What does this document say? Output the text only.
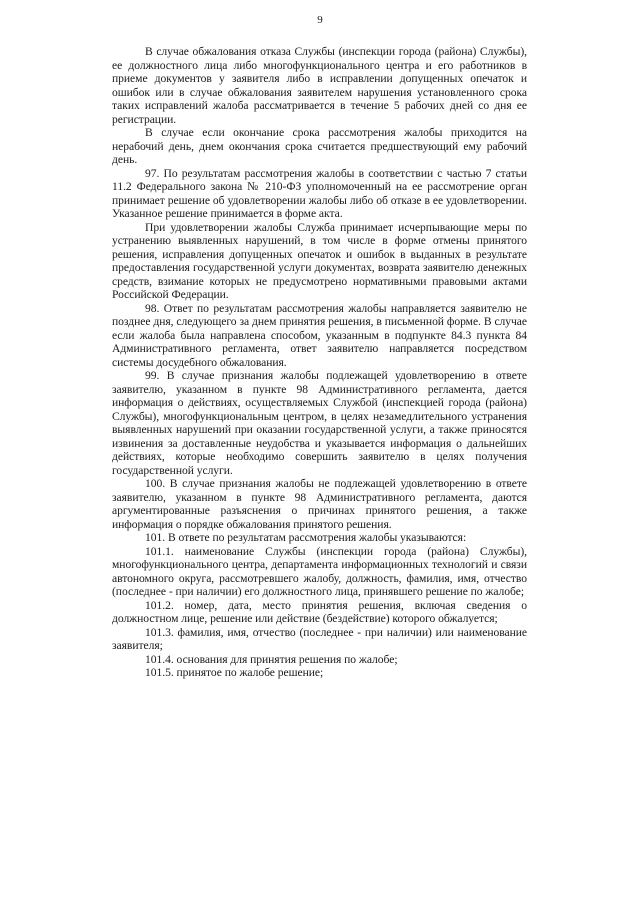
9

В случае обжалования отказа Службы (инспекции города (района) Службы), ее должностного лица либо многофункционального центра и его работников в приеме документов у заявителя либо в исправлении допущенных опечаток и ошибок или в случае обжалования заявителем нарушения установленного срока таких исправлений жалоба рассматривается в течение 5 рабочих дней со дня ее регистрации.

В случае если окончание срока рассмотрения жалобы приходится на нерабочий день, днем окончания срока считается предшествующий ему рабочий день.

97. По результатам рассмотрения жалобы в соответствии с частью 7 статьи 11.2 Федерального закона № 210-ФЗ уполномоченный на ее рассмотрение орган принимает решение об удовлетворении жалобы либо об отказе в ее удовлетворении. Указанное решение принимается в форме акта.

При удовлетворении жалобы Служба принимает исчерпывающие меры по устранению выявленных нарушений, в том числе в форме отмены принятого решения, исправления допущенных опечаток и ошибок в выданных в результате предоставления государственной услуги документах, возврата заявителю денежных средств, взимание которых не предусмотрено нормативными правовыми актами Российской Федерации.

98. Ответ по результатам рассмотрения жалобы направляется заявителю не позднее дня, следующего за днем принятия решения, в письменной форме. В случае если жалоба была направлена способом, указанным в подпункте 84.3 пункта 84 Административного регламента, ответ заявителю направляется посредством системы досудебного обжалования.

99. В случае признания жалобы подлежащей удовлетворению в ответе заявителю, указанном в пункте 98 Административного регламента, дается информация о действиях, осуществляемых Службой (инспекцией города (района) Службы), многофункциональным центром, в целях незамедлительного устранения выявленных нарушений при оказании государственной услуги, а также приносятся извинения за доставленные неудобства и указывается информация о дальнейших действиях, которые необходимо совершить заявителю в целях получения государственной услуги.

100. В случае признания жалобы не подлежащей удовлетворению в ответе заявителю, указанном в пункте 98 Административного регламента, даются аргументированные разъяснения о причинах принятого решения, а также информация о порядке обжалования принятого решения.

101. В ответе по результатам рассмотрения жалобы указываются:

101.1. наименование Службы (инспекции города (района) Службы), многофункционального центра, департамента информационных технологий и связи автономного округа, рассмотревшего жалобу, должность, фамилия, имя, отчество (последнее - при наличии) его должностного лица, принявшего решение по жалобе;

101.2. номер, дата, место принятия решения, включая сведения о должностном лице, решение или действие (бездействие) которого обжалуется;

101.3. фамилия, имя, отчество (последнее - при наличии) или наименование заявителя;

101.4. основания для принятия решения по жалобе;

101.5. принятое по жалобе решение;
